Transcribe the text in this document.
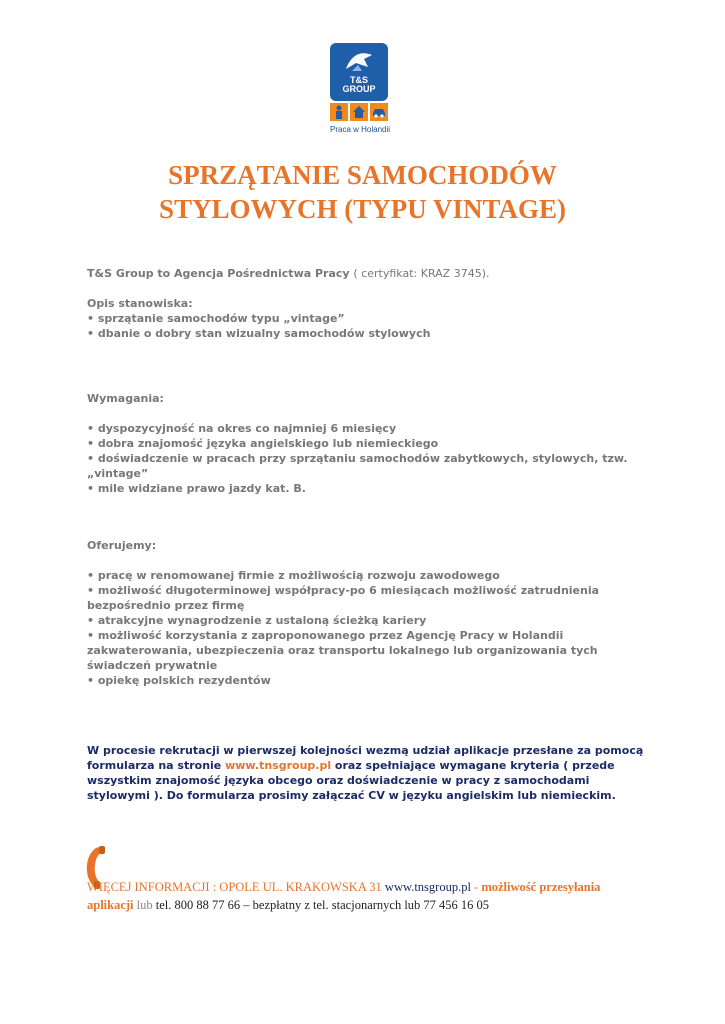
T&S
GROUP
Praca w Holandii
SPRZĄTANIE SAMOCHODÓW
STYLOWYCH (TYPU VINTAGE)

T&S Group to Agencja Pośrednictwa Pracy ( certyfikat: KRAZ 3745).

Opis stanowiska:

• sprzątanie samochodów typu „vintage”
• dbanie o dobry stan wizualny samochodów stylowych

Wymagania:

• dyspozycyjność na okres co najmniej 6 miesięcy
• dobra znajomość języka angielskiego lub niemieckiego
• doświadczenie w pracach przy sprzątaniu samochodów zabytkowych, stylowych, tzw. „vintage”
• mile widziane prawo jazdy kat. B.

Oferujemy:

• pracę w renomowanej firmie z możliwością rozwoju zawodowego
• możliwość długoterminowej współpracy-po 6 miesiącach możliwość zatrudnienia bezpośrednio przez firmę
• atrakcyjne wynagrodzenie z ustaloną ścieżką kariery
• możliwość korzystania z zaproponowanego przez Agencję Pracy w Holandii zakwaterowania, ubezpieczenia oraz transportu lokalnego lub organizowania tych świadczeń prywatnie
• opiekę polskich rezydentów

W procesie rekrutacji w pierwszej kolejności wezmą udział aplikacje przesłane za pomocą formularza na stronie www.tnsgroup.pl oraz spełniające wymagane kryteria ( przede wszystkim znajomość języka obcego oraz doświadczenie w pracy z samochodami stylowymi ). Do formularza prosimy załączać CV w języku angielskim lub niemieckim.

WIĘCEJ INFORMACJI : OPOLE UL. KRAKOWSKA 31 www.tnsgroup.pl - możliwość przesyłania aplikacji lub tel. 800 88 77 66 – bezpłatny z tel. stacjonarnych lub 77 456 16 05
